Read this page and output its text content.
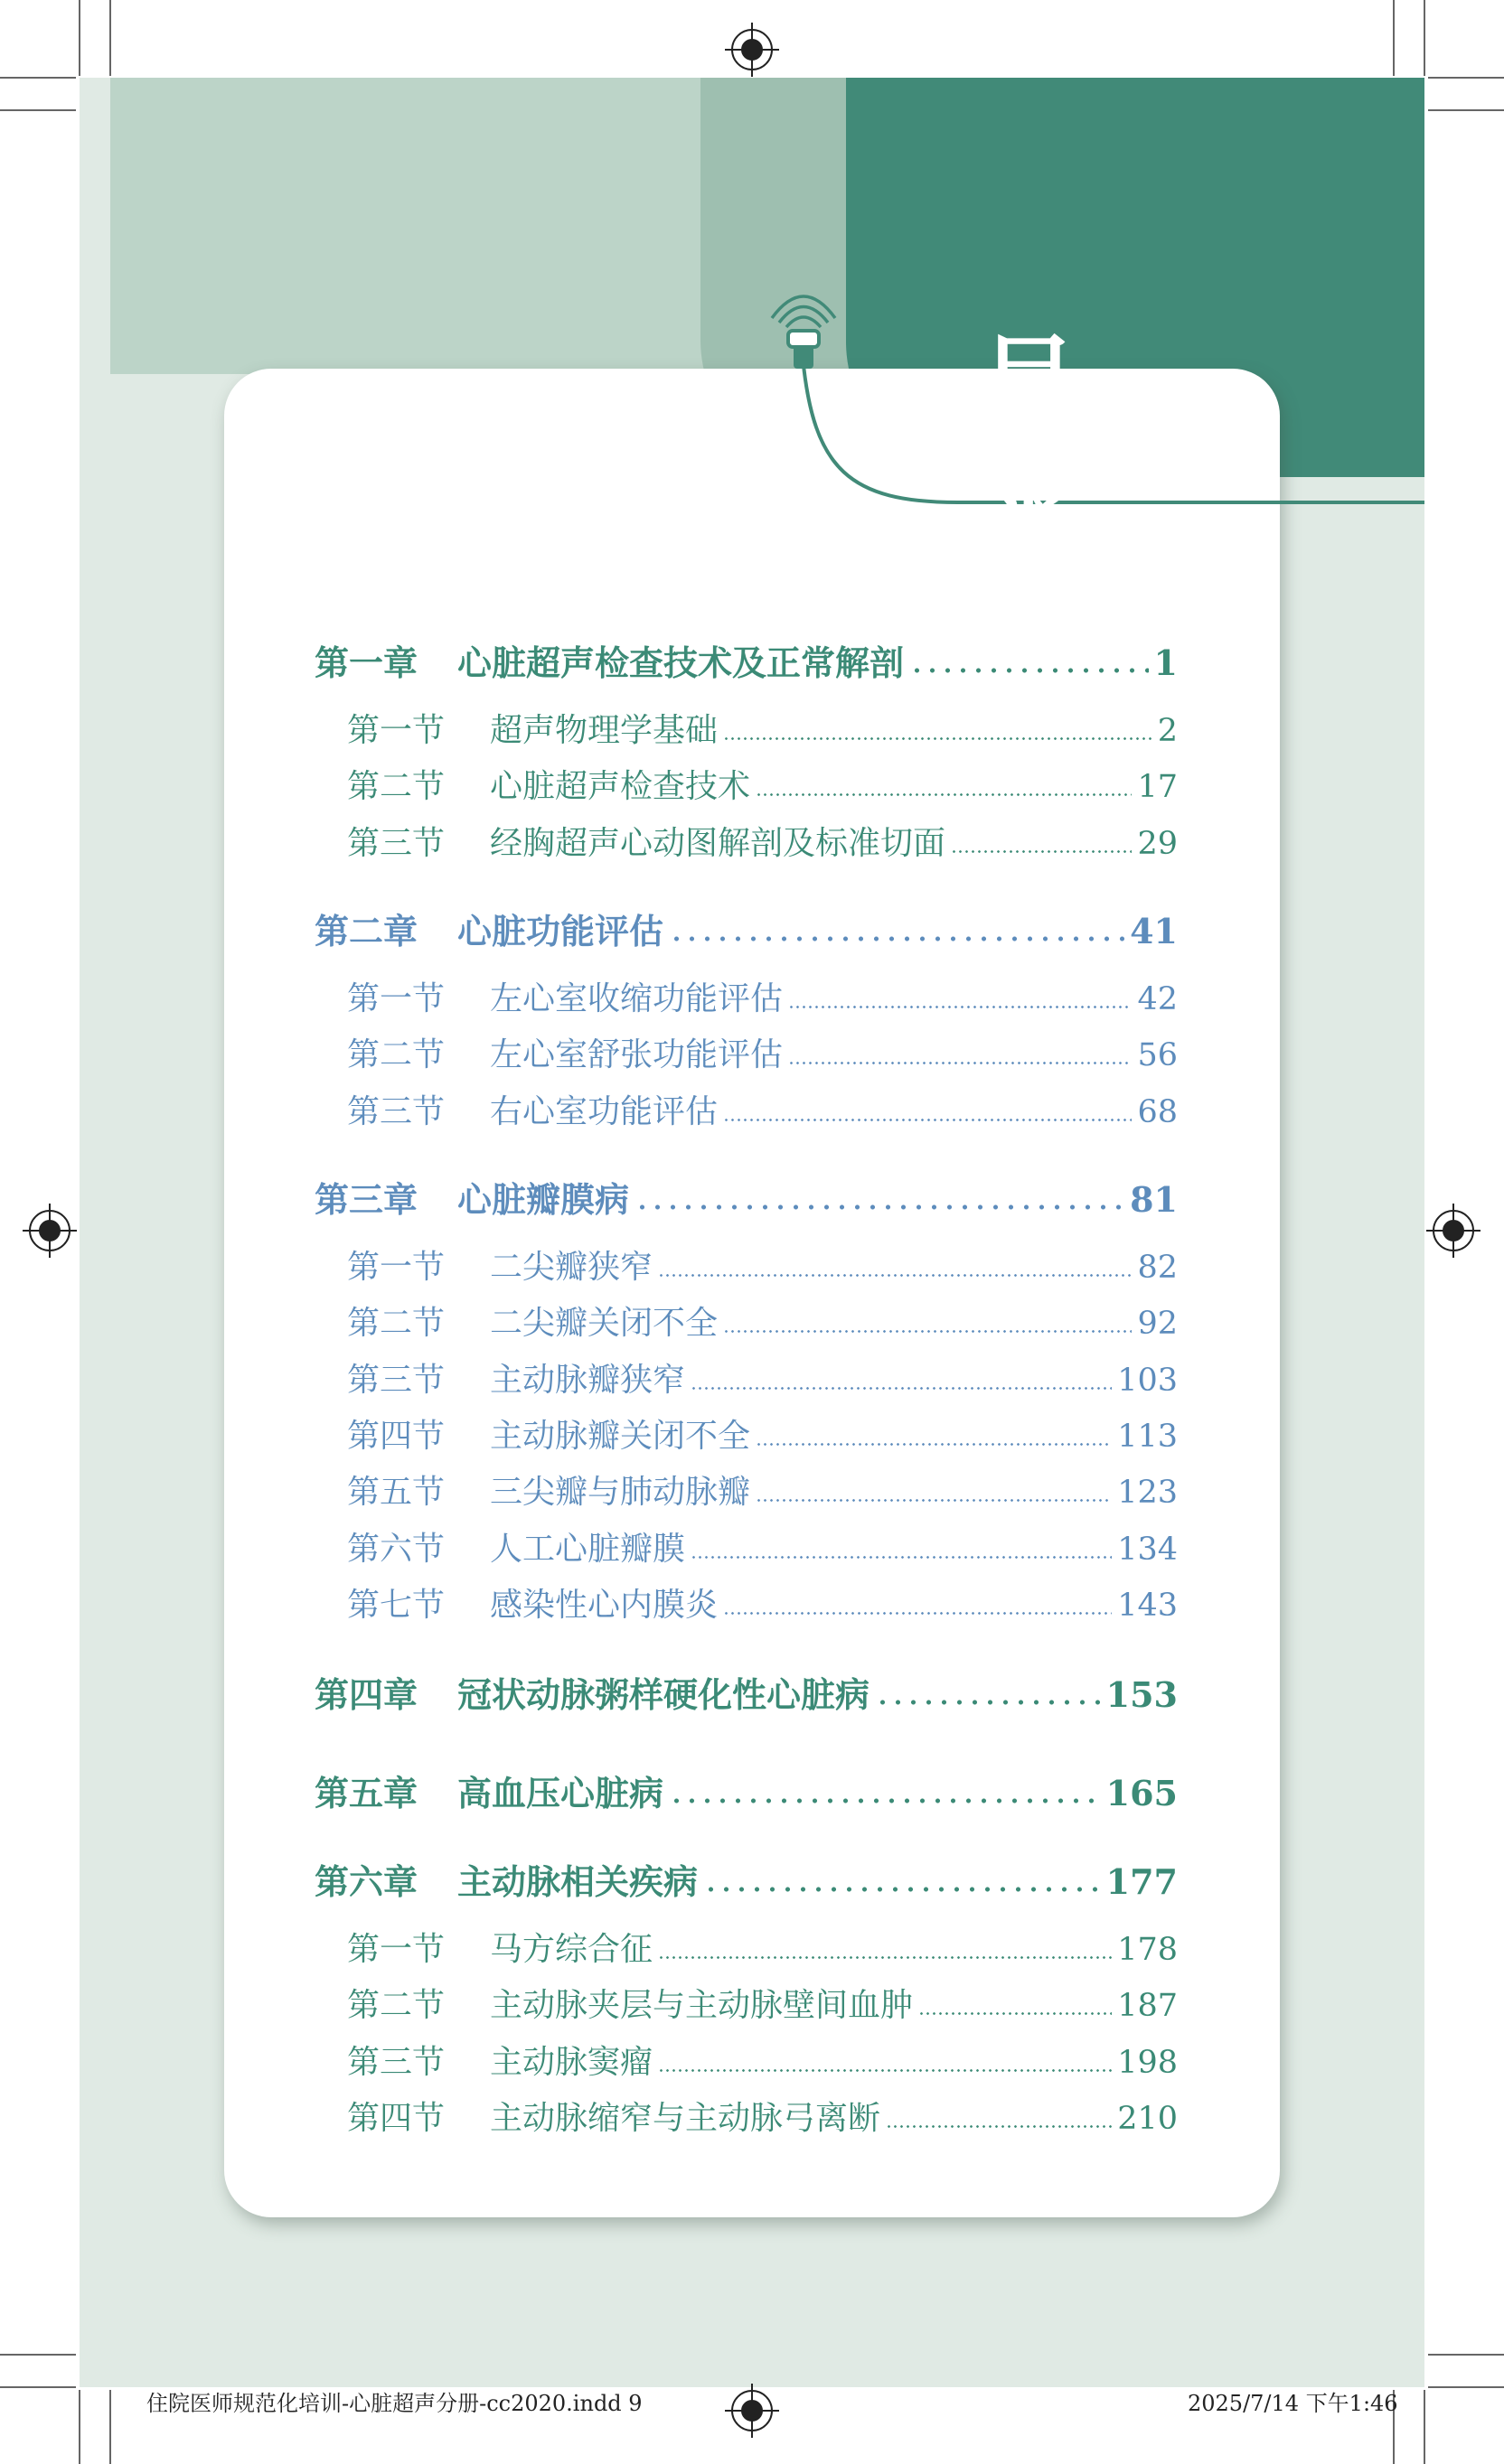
目 录
第一章	心脏超声检查技术及正常解剖	1
第一节	超声物理学基础	2
第二节	心脏超声检查技术	17
第三节	经胸超声心动图解剖及标准切面	29
第二章	心脏功能评估	41
第一节	左心室收缩功能评估	42
第二节	左心室舒张功能评估	56
第三节	右心室功能评估	68
第三章	心脏瓣膜病	81
第一节	二尖瓣狭窄	82
第二节	二尖瓣关闭不全	92
第三节	主动脉瓣狭窄	103
第四节	主动脉瓣关闭不全	113
第五节	三尖瓣与肺动脉瓣	123
第六节	人工心脏瓣膜	134
第七节	感染性心内膜炎	143
第四章	冠状动脉粥样硬化性心脏病	153
第五章	高血压心脏病	165
第六章	主动脉相关疾病	177
第一节	马方综合征	178
第二节	主动脉夹层与主动脉壁间血肿	187
第三节	主动脉窦瘤	198
第四节	主动脉缩窄与主动脉弓离断	210
住院医师规范化培训-心脏超声分册-cc2020.indd 9	2025/7/14 下午1:46
